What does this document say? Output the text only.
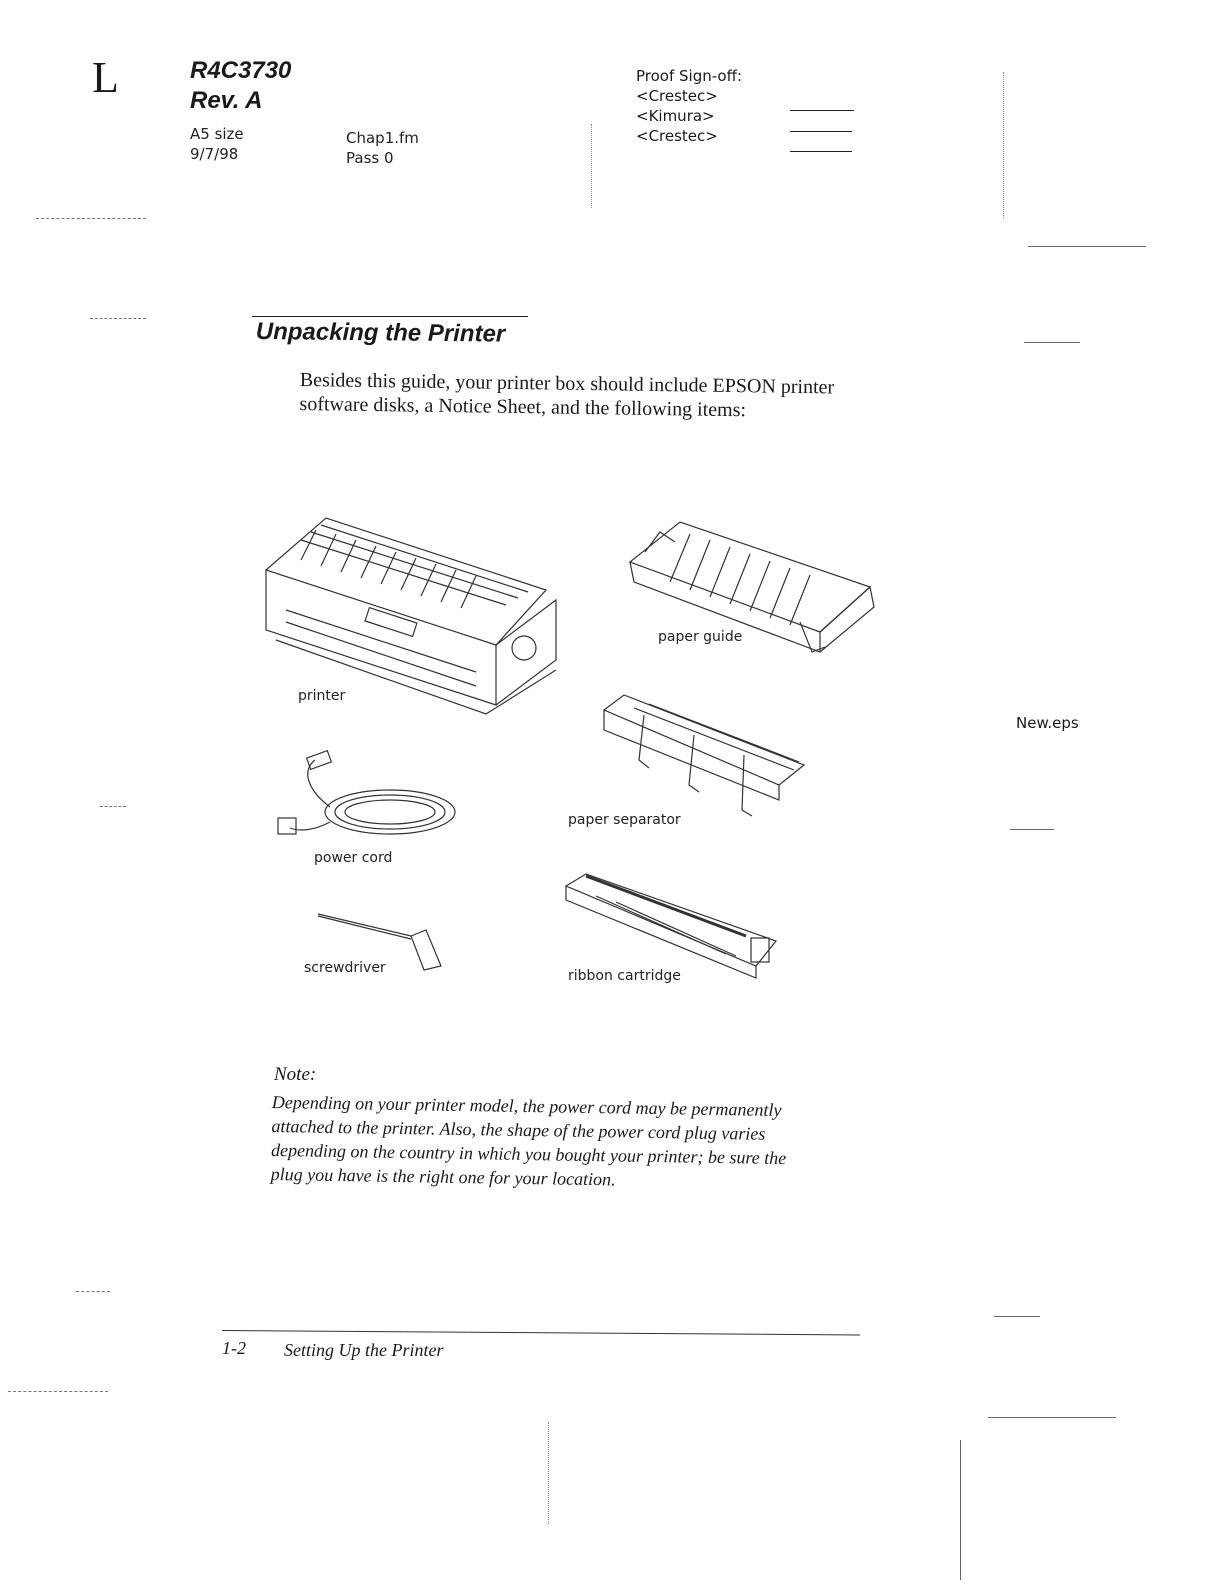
L	R4C3730
Rev. A
A5 size
9/7/98
Chap1.fm
Pass 0
Proof Sign-off:
<Crestec>
<Kimura>
<Crestec>
Unpacking the Printer
Besides this guide, your printer box should include EPSON printer
software disks, a Notice Sheet, and the following items:
printer
paper guide
paper separator
power cord
ribbon cartridge
screwdriver
Note:
Depending on your printer model, the power cord may be permanently
attached to the printer. Also, the shape of the power cord plug varies
depending on the country in which you bought your printer; be sure the
plug you have is the right one for your location.
1-2 Setting Up the Printer
New.eps
